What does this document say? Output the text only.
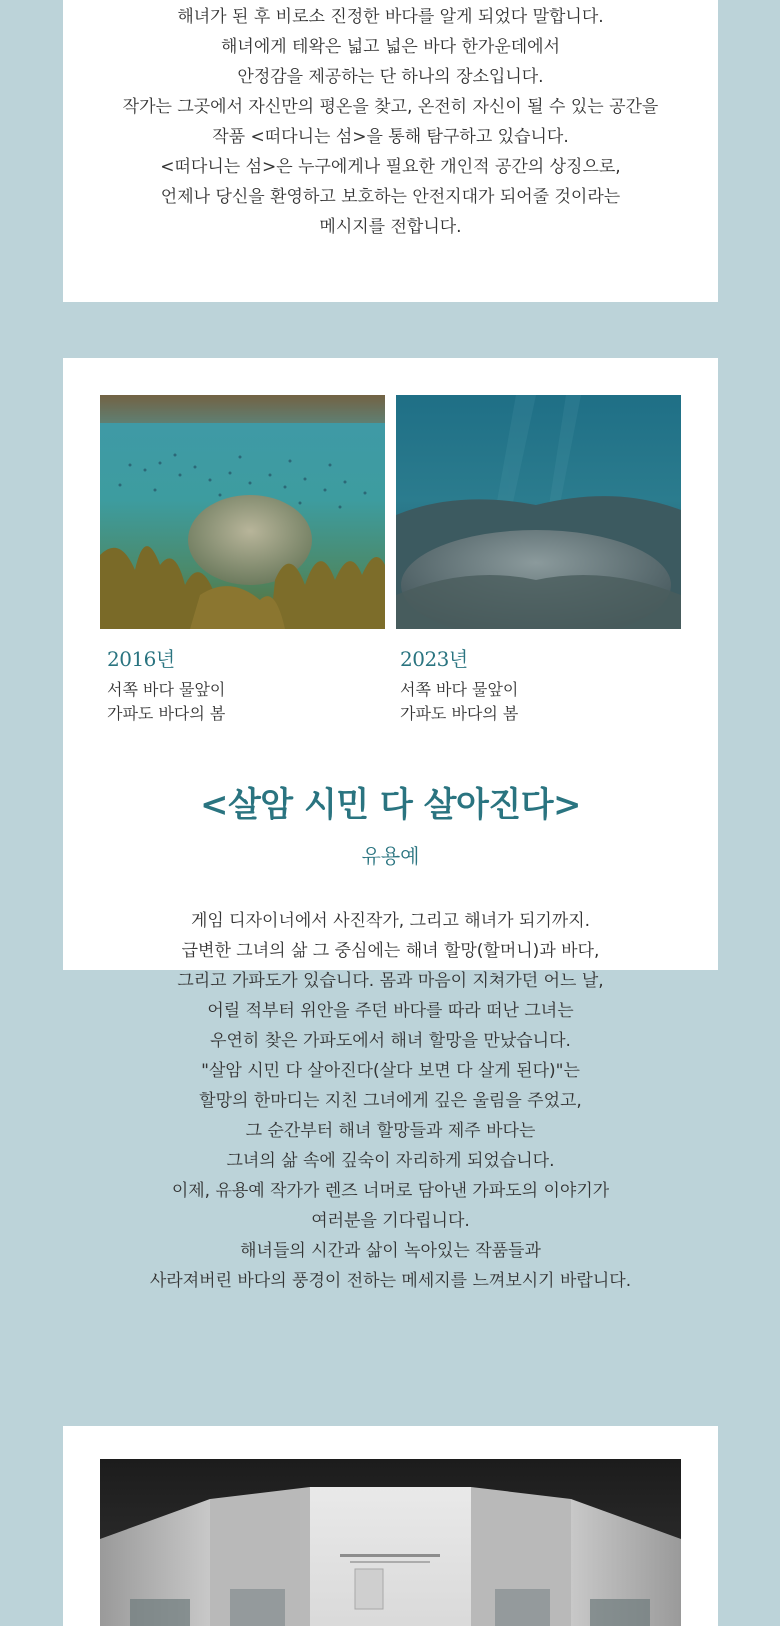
해녀가 된 후 비로소 진정한 바다를 알게 되었다 말합니다.

해녀에게 테왁은 넓고 넓은 바다 한가운데에서

안정감을 제공하는 단 하나의 장소입니다.

작가는 그곳에서 자신만의 평온을 찾고, 온전히 자신이 될 수 있는 공간을

작품 <떠다니는 섬>을 통해 탐구하고 있습니다.

<떠다니는 섬>은 누구에게나 필요한 개인적 공간의 상징으로,

언제나 당신을 환영하고 보호하는 안전지대가 되어줄 것이라는

메시지를 전합니다.

2016년

서쪽 바다 물앞이

가파도 바다의 봄

2023년

서쪽 바다 물앞이

가파도 바다의 봄

<살암 시민 다 살아진다>

유용예

게임 디자이너에서 사진작가, 그리고 해녀가 되기까지.

급변한 그녀의 삶 그 중심에는 해녀 할망(할머니)과 바다,

그리고 가파도가 있습니다. 몸과 마음이 지쳐가던 어느 날,

어릴 적부터 위안을 주던 바다를 따라 떠난 그녀는

우연히 찾은 가파도에서 해녀 할망을 만났습니다.

"살암 시민 다 살아진다(살다 보면 다 살게 된다)"는

할망의 한마디는 지친 그녀에게 깊은 울림을 주었고,

그 순간부터 해녀 할망들과 제주 바다는

그녀의 삶 속에 깊숙이 자리하게 되었습니다.

이제, 유용예 작가가 렌즈 너머로 담아낸 가파도의 이야기가

여러분을 기다립니다.

해녀들의 시간과 삶이 녹아있는 작품들과

사라져버린 바다의 풍경이 전하는 메세지를 느껴보시기 바랍니다.
